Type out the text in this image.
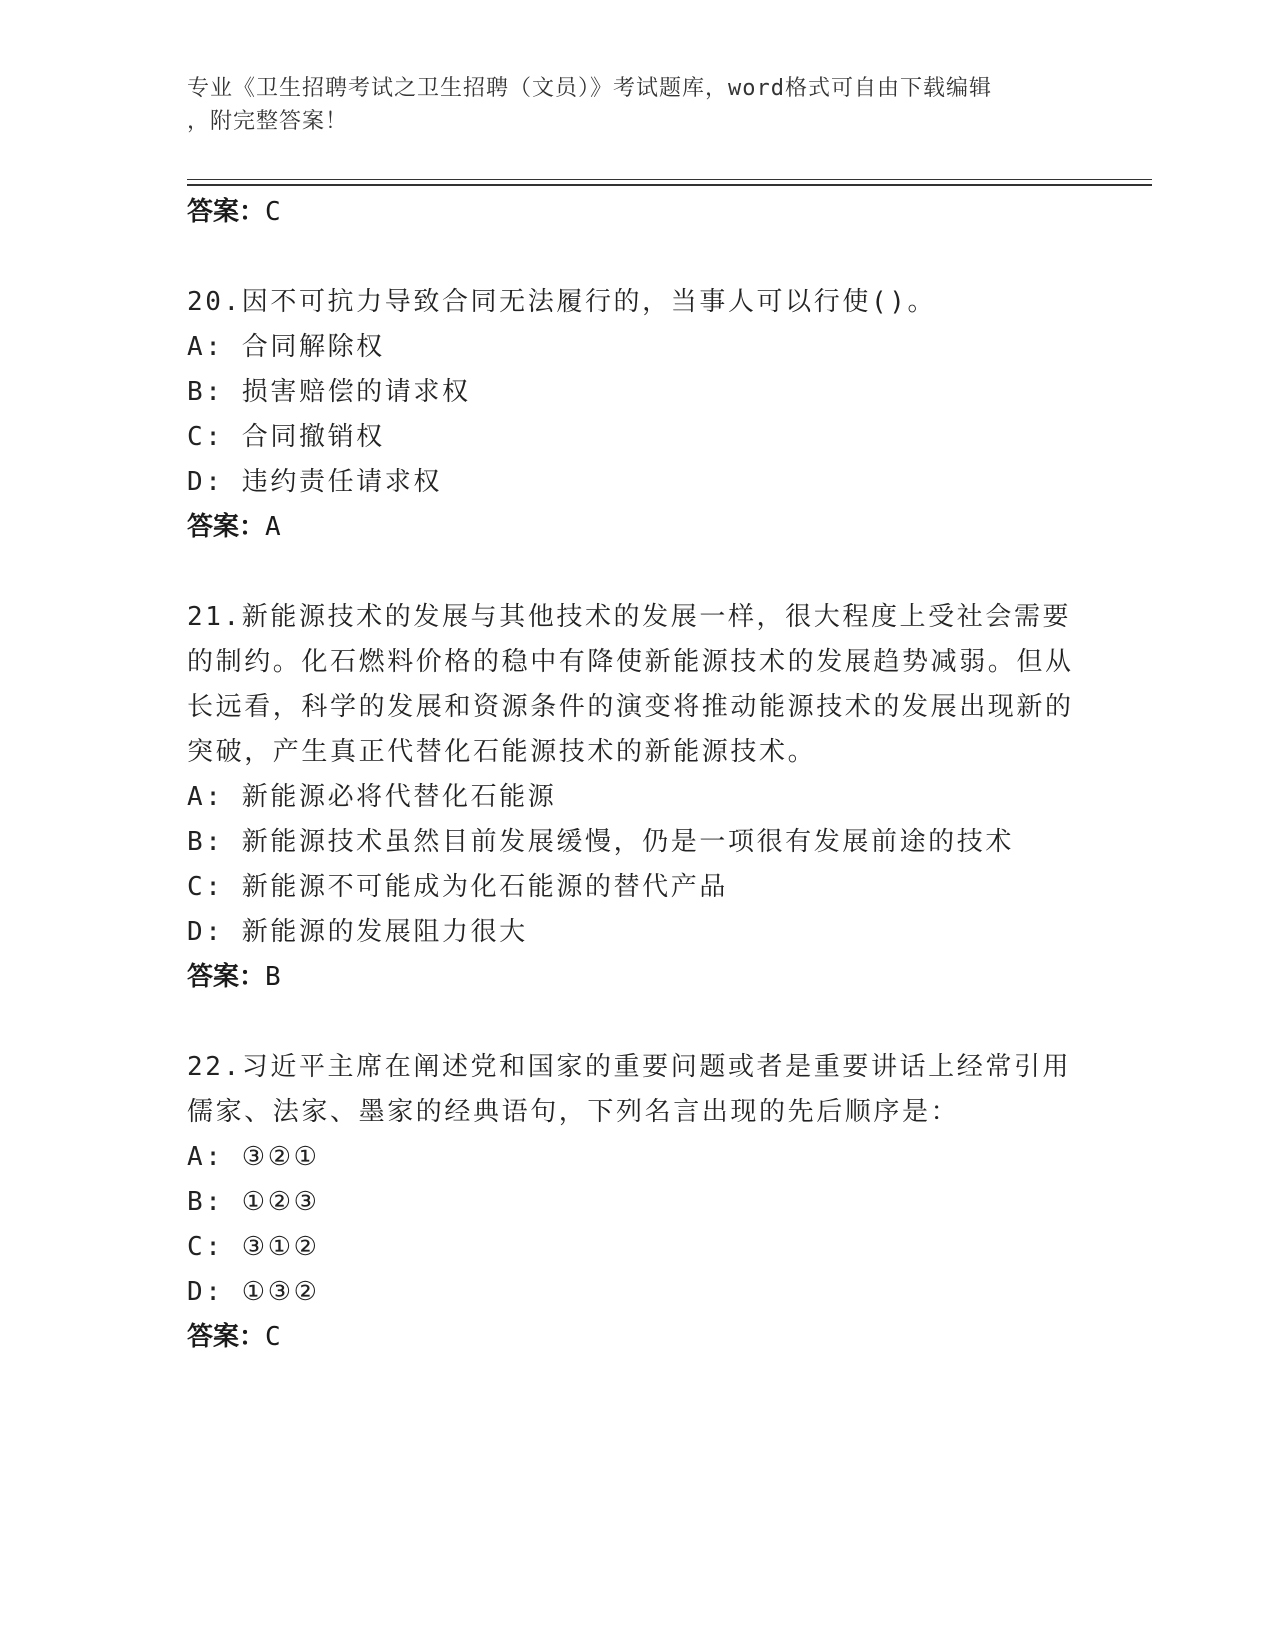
专业《卫生招聘考试之卫生招聘（文员）》考试题库，word格式可自由下载编辑
，附完整答案！
答案：C

20.因不可抗力导致合同无法履行的，当事人可以行使()。

A: 合同解除权
B: 损害赔偿的请求权
C: 合同撤销权
D: 违约责任请求权
答案：A

21.新能源技术的发展与其他技术的发展一样，很大程度上受社会需要的制约。化石燃料价格的稳中有降使新能源技术的发展趋势减弱。但从长远看，科学的发展和资源条件的演变将推动能源技术的发展出现新的突破，产生真正代替化石能源技术的新能源技术。

A: 新能源必将代替化石能源
B: 新能源技术虽然目前发展缓慢，仍是一项很有发展前途的技术
C: 新能源不可能成为化石能源的替代产品
D: 新能源的发展阻力很大
答案：B

22.习近平主席在阐述党和国家的重要问题或者是重要讲话上经常引用儒家、法家、墨家的经典语句，下列名言出现的先后顺序是：

A: ③②①
B: ①②③
C: ③①②
D: ①③②
答案：C
